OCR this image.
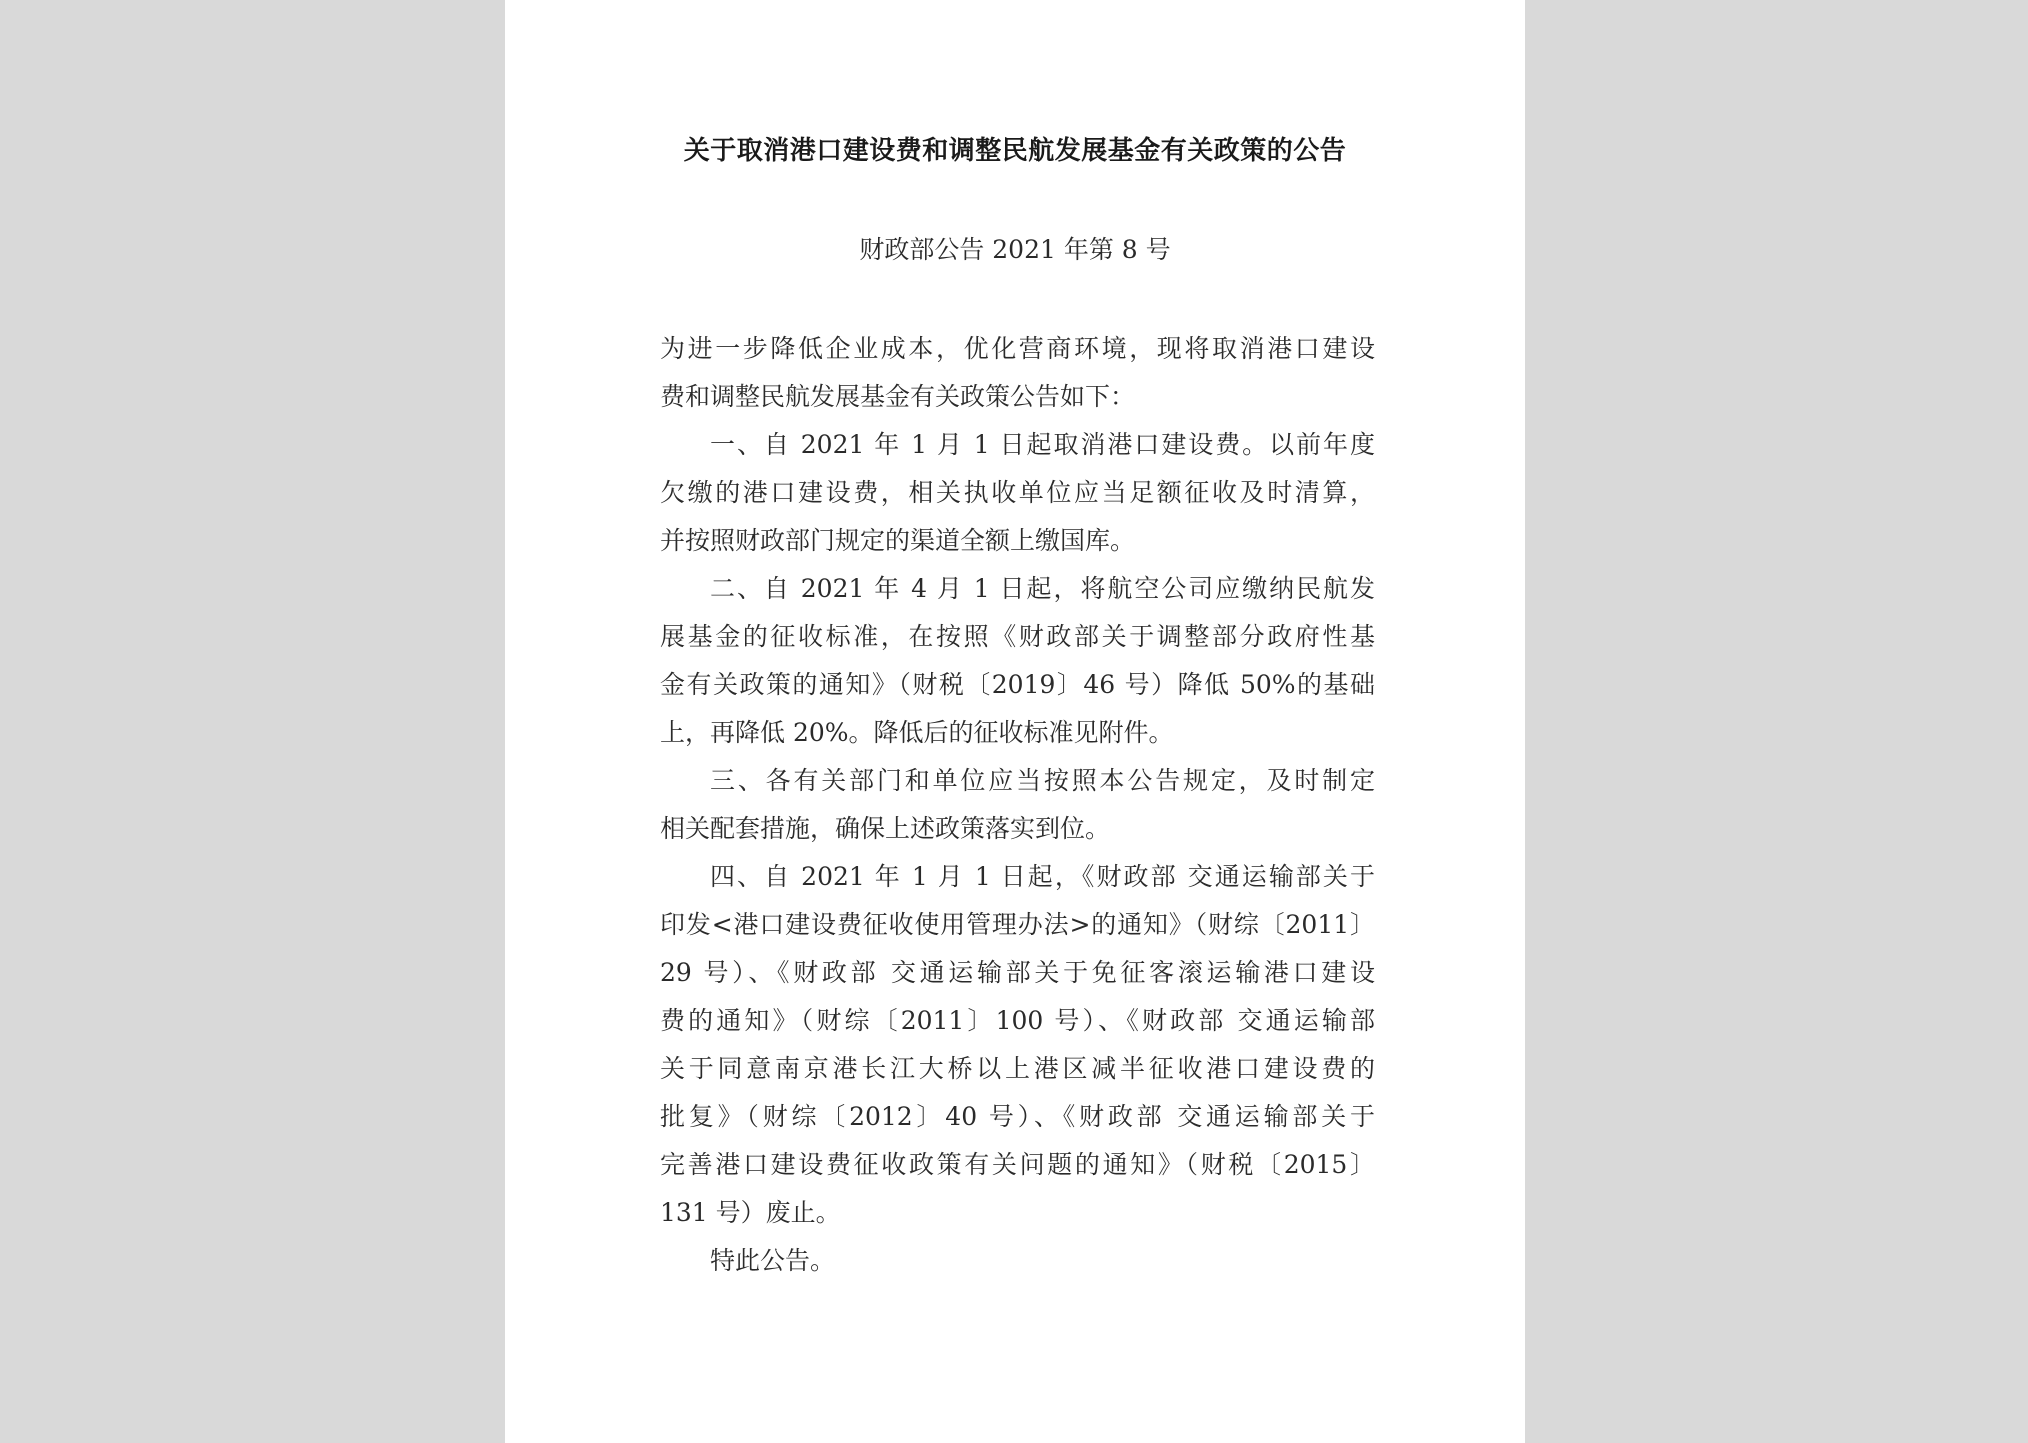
关于取消港口建设费和调整民航发展基金有关政策的公告
财政部公告 2021 年第 8 号

为进一步降低企业成本，优化营商环境，现将取消港口建设
费和调整民航发展基金有关政策公告如下：

一、自 2021 年 1 月 1 日起取消港口建设费。以前年度
欠缴的港口建设费，相关执收单位应当足额征收及时清算，
并按照财政部门规定的渠道全额上缴国库。

二、自 2021 年 4 月 1 日起，将航空公司应缴纳民航发
展基金的征收标准，在按照《财政部关于调整部分政府性基
金有关政策的通知》（财税〔2019〕46 号）降低 50%的基础
上，再降低 20%。降低后的征收标准见附件。

三、各有关部门和单位应当按照本公告规定，及时制定
相关配套措施，确保上述政策落实到位。

四、自 2021 年 1 月 1 日起，《财政部 交通运输部关于
印发<港口建设费征收使用管理办法>的通知》（财综〔2011〕
29 号）、《财政部 交通运输部关于免征客滚运输港口建设
费的通知》（财综〔2011〕100 号）、《财政部 交通运输部
关于同意南京港长江大桥以上港区减半征收港口建设费的
批复》（财综〔2012〕40 号）、《财政部 交通运输部关于
完善港口建设费征收政策有关问题的通知》（财税〔2015〕
131 号）废止。

特此公告。
